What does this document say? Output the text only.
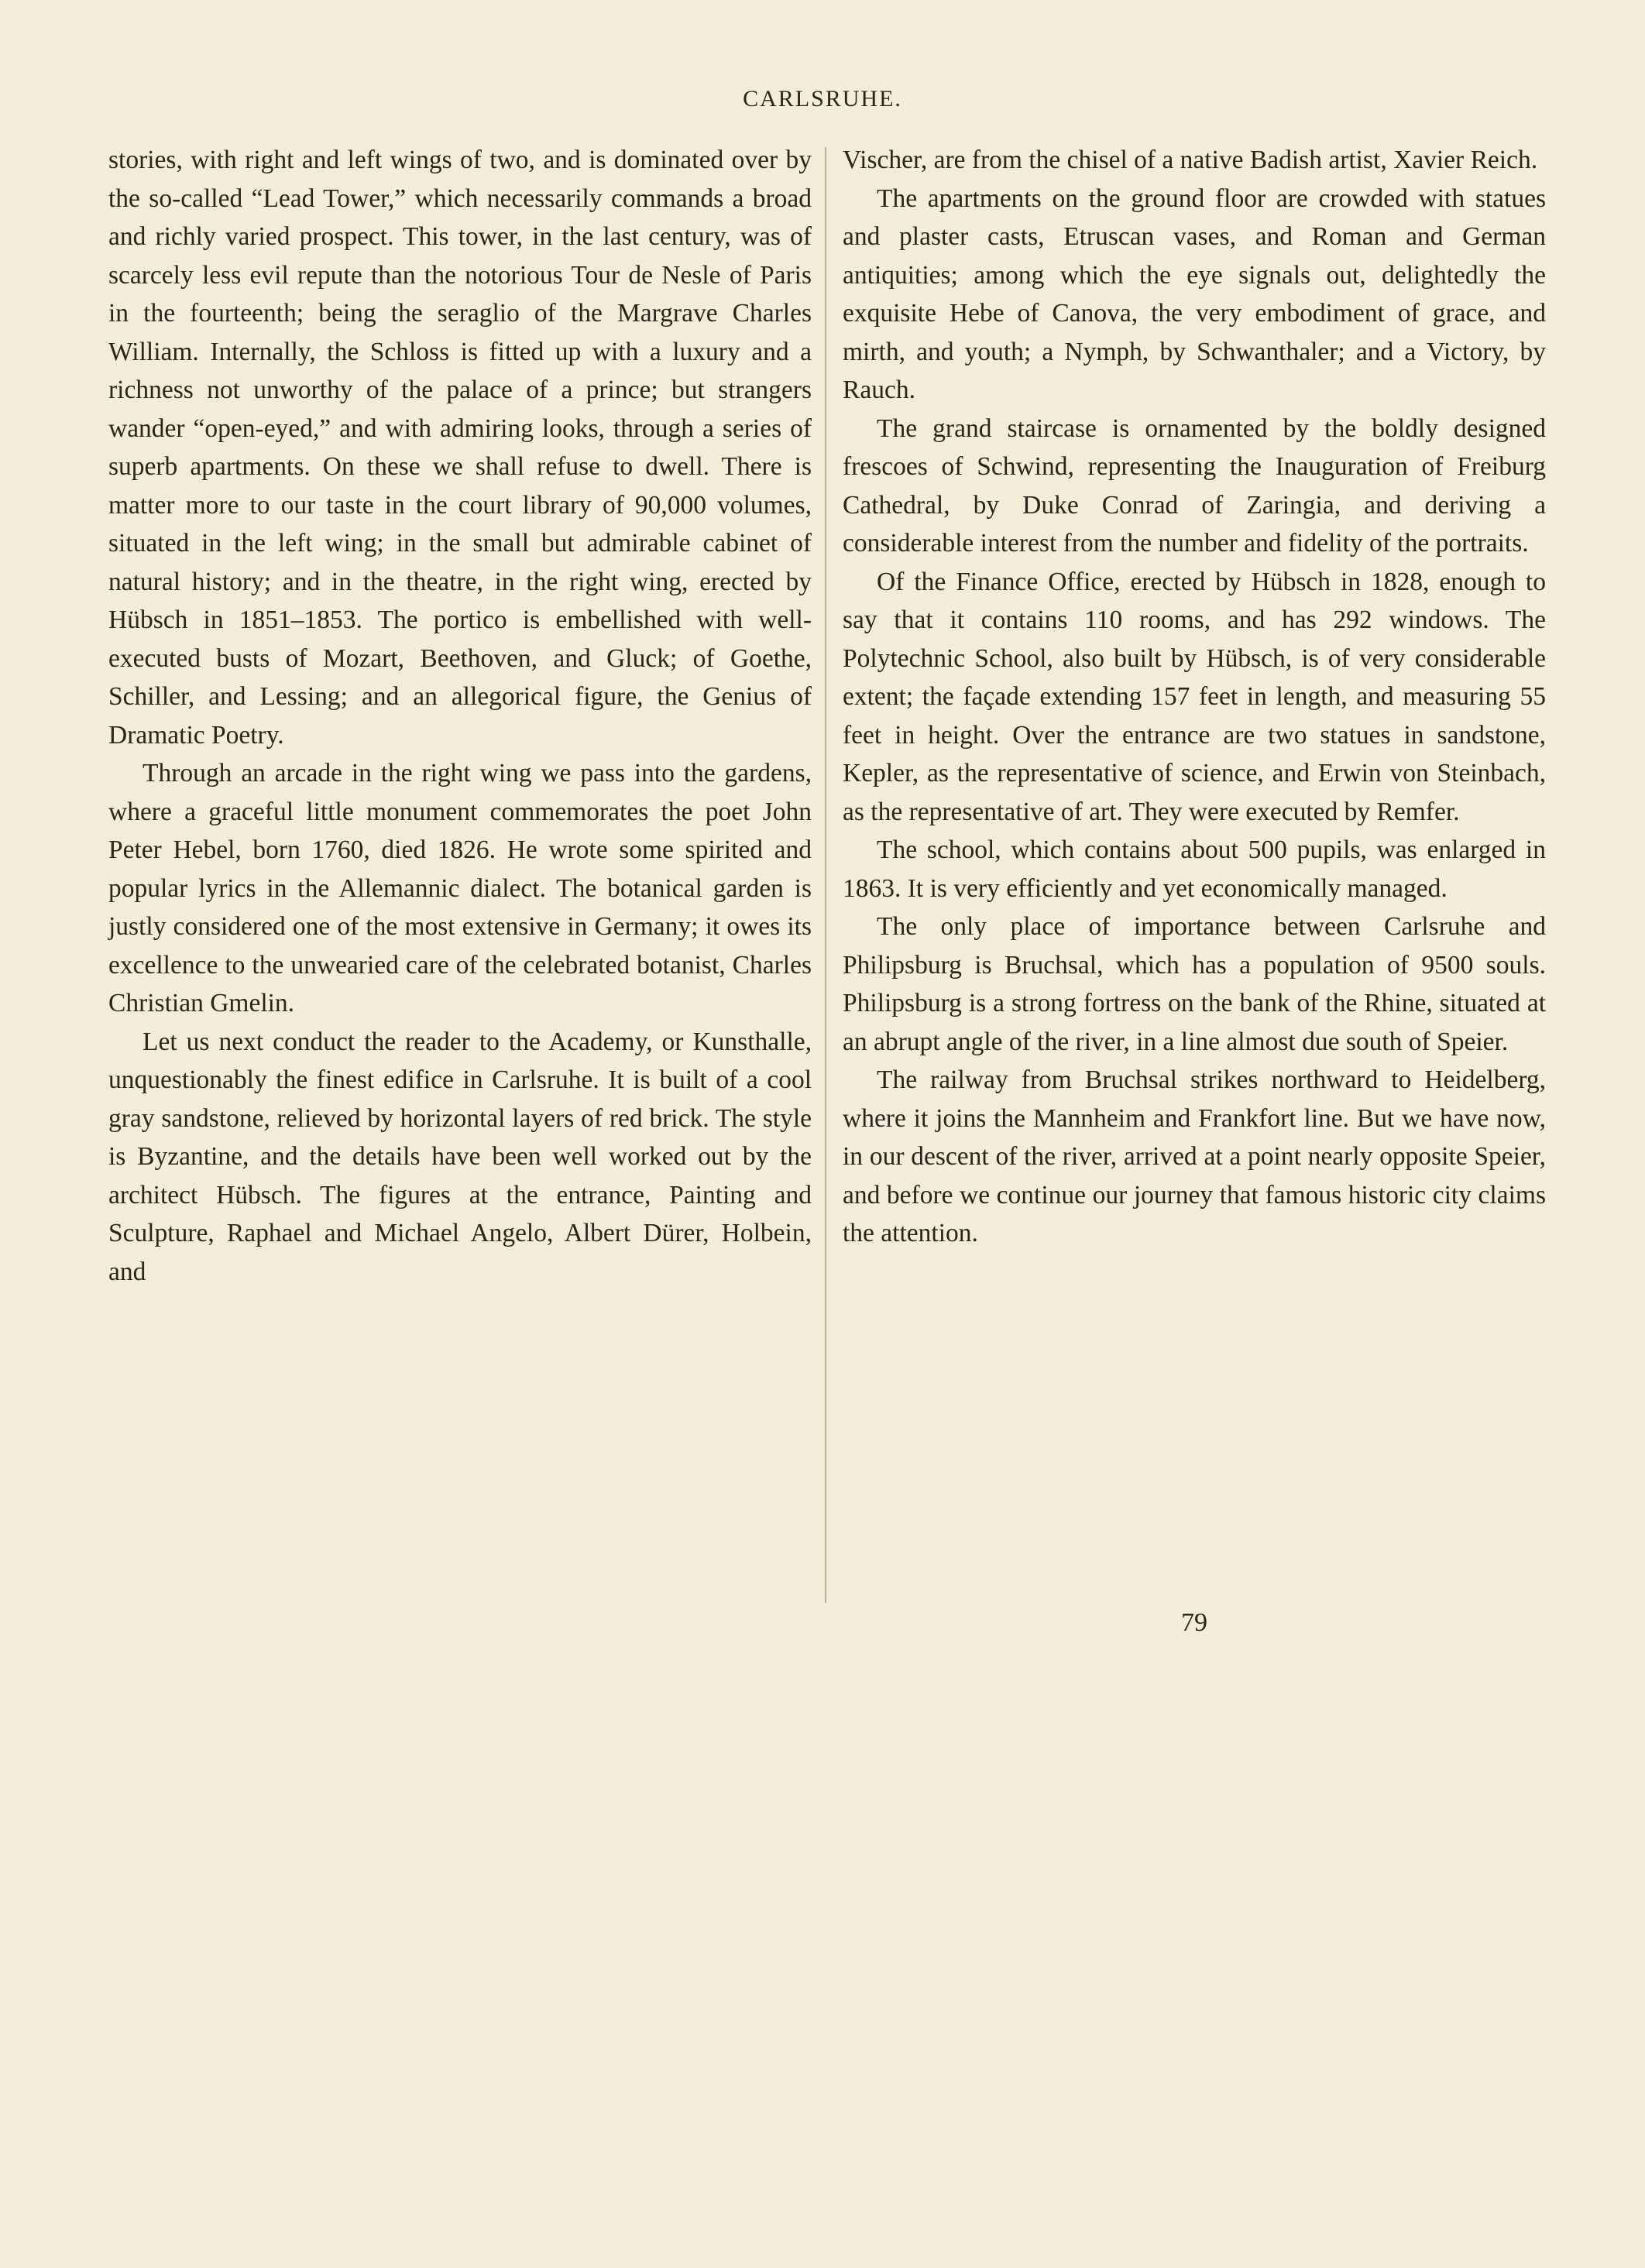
CARLSRUHE.

stories, with right and left wings of two, and is dominated over by the so-called “Lead Tower,” which necessarily commands a broad and richly varied prospect. This tower, in the last century, was of scarcely less evil repute than the notorious Tour de Nesle of Paris in the fourteenth; being the seraglio of the Margrave Charles William. Internally, the Schloss is fitted up with a luxury and a richness not unworthy of the palace of a prince; but strangers wander “open-eyed,” and with admiring looks, through a series of superb apartments. On these we shall refuse to dwell. There is matter more to our taste in the court library of 90,000 volumes, situated in the left wing; in the small but admirable cabinet of natural history; and in the theatre, in the right wing, erected by Hübsch in 1851–1853. The portico is embellished with well-executed busts of Mozart, Beethoven, and Gluck; of Goethe, Schiller, and Lessing; and an allegorical figure, the Genius of Dramatic Poetry.

Through an arcade in the right wing we pass into the gardens, where a graceful little monument commemorates the poet John Peter Hebel, born 1760, died 1826. He wrote some spirited and popular lyrics in the Allemannic dialect. The botanical garden is justly considered one of the most extensive in Germany; it owes its excellence to the unwearied care of the celebrated botanist, Charles Christian Gmelin.

Let us next conduct the reader to the Academy, or Kunsthalle, unquestionably the finest edifice in Carlsruhe. It is built of a cool gray sandstone, relieved by horizontal layers of red brick. The style is Byzantine, and the details have been well worked out by the architect Hübsch. The figures at the entrance, Painting and Sculpture, Raphael and Michael Angelo, Albert Dürer, Holbein, and

Vischer, are from the chisel of a native Badish artist, Xavier Reich.

The apartments on the ground floor are crowded with statues and plaster casts, Etruscan vases, and Roman and German antiquities; among which the eye signals out, delightedly the exquisite Hebe of Canova, the very embodiment of grace, and mirth, and youth; a Nymph, by Schwanthaler; and a Victory, by Rauch.

The grand staircase is ornamented by the boldly designed frescoes of Schwind, representing the Inauguration of Freiburg Cathedral, by Duke Conrad of Zaringia, and deriving a considerable interest from the number and fidelity of the portraits.

Of the Finance Office, erected by Hübsch in 1828, enough to say that it contains 110 rooms, and has 292 windows. The Polytechnic School, also built by Hübsch, is of very considerable extent; the façade extending 157 feet in length, and measuring 55 feet in height. Over the entrance are two statues in sandstone, Kepler, as the representative of science, and Erwin von Steinbach, as the representative of art. They were executed by Remfer.

The school, which contains about 500 pupils, was enlarged in 1863. It is very efficiently and yet economically managed.

The only place of importance between Carlsruhe and Philipsburg is Bruchsal, which has a population of 9500 souls. Philipsburg is a strong fortress on the bank of the Rhine, situated at an abrupt angle of the river, in a line almost due south of Speier.

The railway from Bruchsal strikes northward to Heidelberg, where it joins the Mannheim and Frankfort line. But we have now, in our descent of the river, arrived at a point nearly opposite Speier, and before we continue our journey that famous historic city claims the attention.

79
